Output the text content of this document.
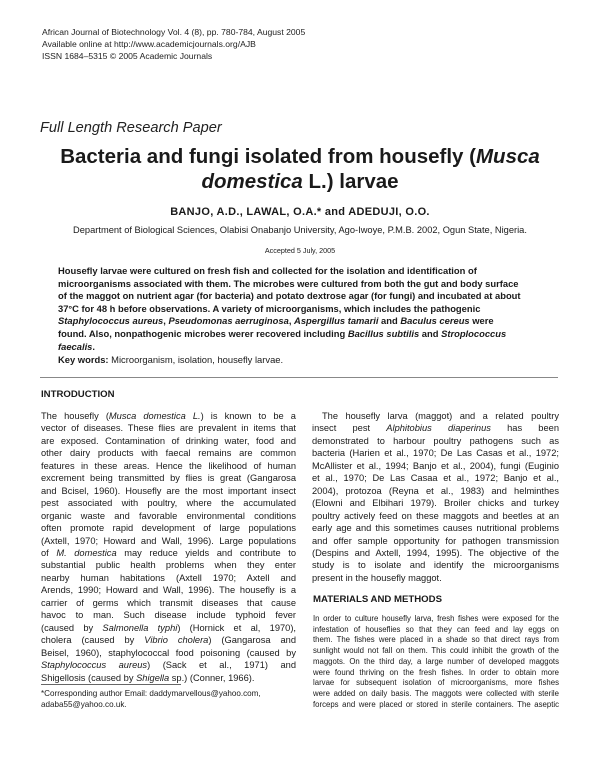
African Journal of Biotechnology Vol. 4 (8), pp. 780-784, August 2005
Available online at http://www.academicjournals.org/AJB
ISSN 1684–5315 © 2005 Academic Journals
Full Length Research Paper
Bacteria and fungi isolated from housefly (Musca
domestica L.) larvae
BANJO, A.D., LAWAL, O.A.* and ADEDUJI, O.O.
Department of Biological Sciences, Olabisi Onabanjo University, Ago-Iwoye, P.M.B. 2002, Ogun State, Nigeria.
Accepted 5 July, 2005
Housefly larvae were cultured on fresh fish and collected for the isolation and identification of
microorganisms associated with them. The microbes were cultured from both the gut and body surface
of the maggot on nutrient agar (for bacteria) and potato dextrose agar (for fungi) and incubated at about
37°C for 48 h before observations. A variety of microorganisms, which includes the pathogenic
Staphylococcus aureus, Pseudomonas aerruginosa, Aspergillus tamarii and Baculus cereus were
found. Also, nonpathogenic microbes werer recovered including Bacillus subtilis and Stroplococcus
faecalis.
Key words: Microorganism, isolation, housefly larvae.
INTRODUCTION
The housefly (Musca domestica L.) is known to be a
vector of diseases. These flies are prevalent in items that
are exposed. Contamination of drinking water, food and
other dairy products with faecal remains are common
features in these areas. Hence the likelihood of human
excrement being transmitted by flies is great (Gangarosa
and Bcisel, 1960). Housefly are the most important insect
pest associated with poultry, where the accumulated
organic waste and favorable environmental conditions
often promote rapid development of large populations
(Axtell, 1970; Howard and Wall, 1996). Large populations
of M. domestica may reduce yields and contribute to
substantial public health problems when they enter
nearby human habitations (Axtell 1970; Axtell and
Arends, 1990; Howard and Wall, 1996). The housefly is a
carrier of germs which transmit diseases that cause
havoc to man. Such disease include typhoid fever
(caused by Salmonella typhi) (Hornick et al, 1970),
cholera (caused by Vibrio cholera) (Gangarosa and
Beisel, 1960), staphylococcal food poisoning (caused by
Staphylococcus aureus) (Sack et al., 1971) and
Shigellosis (caused by Shigella sp.) (Conner, 1966).
The housefly larva (maggot) and a related poultry
insect pest Alphitobius diaperinus has been
demonstrated to harbour poultry pathogens such as
bacteria (Harien et al., 1970; De Las Casas et al., 1972;
McAllister et al., 1994; Banjo et al., 2004), fungi (Euginio
et al., 1970; De Las Casaa et al., 1972; Banjo et al.,
2004), protozoa (Reyna et al., 1983) and helminthes
(Elowni and Elbihari 1979). Broiler chicks and turkey
poultry actively feed on these maggots and beetles at an
early age and this sometimes causes nutritional problems
and offer sample opportunity for pathogen transmission
(Despins and Axtell, 1994, 1995). The objective of the
study is to isolate and identify the microorganisms
present in the housefly maggot.
MATERIALS AND METHODS
In order to culture housefly larva, fresh fishes were exposed for the
infestation of houseflies so that they can feed and lay eggs on
them. The fishes were placed in a shade so that direct rays from
sunlight would not fall on them. This could inhibit the growth of the
maggots. On the third day, a large number of developed maggots
were found thriving on the fresh fishes. In order to obtain more
larvae for subsequent isolation of microorganisms, more fishes
were added on daily basis. The maggots were collected with sterile
forceps and were placed or stored in sterile containers. The aseptic
*Corresponding author Email: daddymarvellous@yahoo.com,
adaba55@yahoo.co.uk.
